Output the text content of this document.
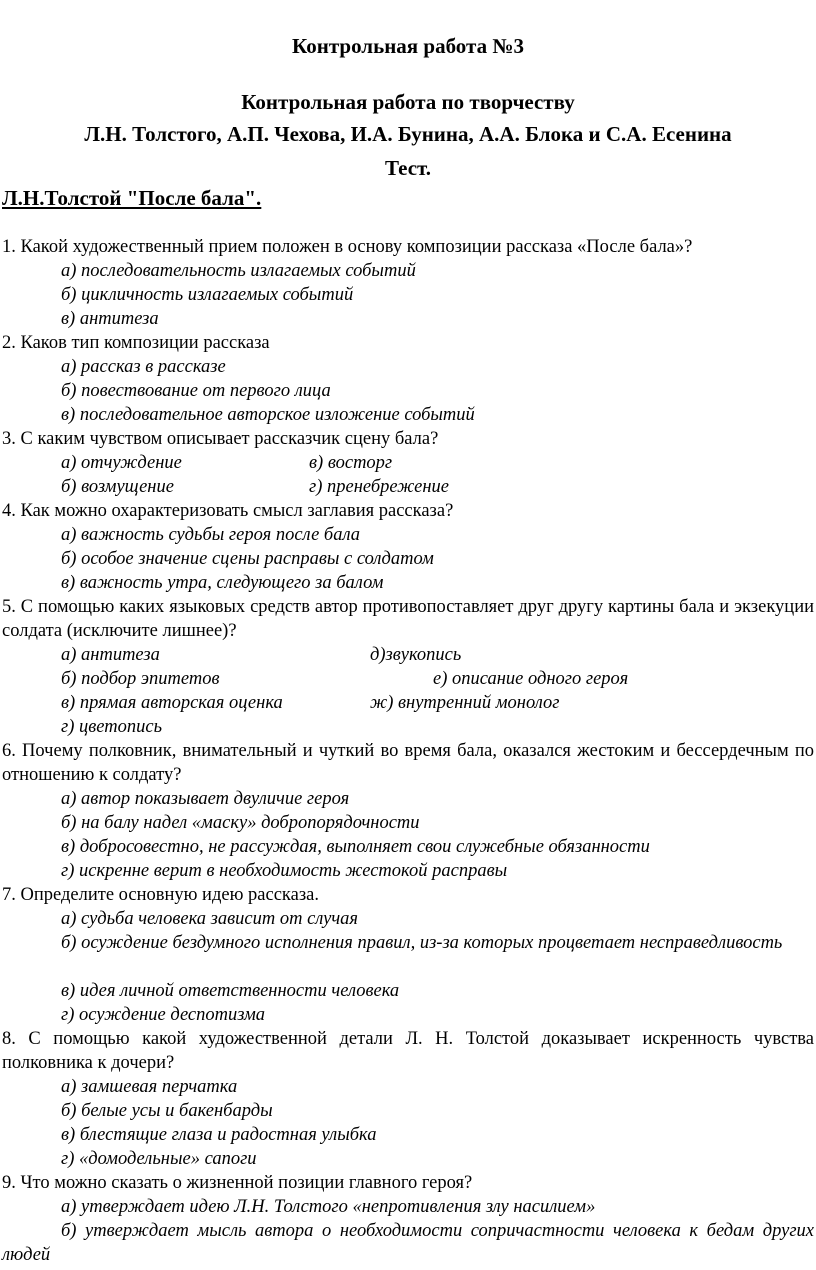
Контрольная работа №3
Контрольная работа по творчеству
Л.Н. Толстого, А.П. Чехова, И.А. Бунина, А.А. Блока и С.А. Есенина
Тест.
Л.Н.Толстой "После бала".
1. Какой художественный прием положен в основу композиции рассказа «После бала»?
а) последовательность излагаемых событий
б) цикличность излагаемых событий
в) антитеза
2. Каков тип композиции рассказа
а) рассказ в рассказе
б) повествование от первого лица
в) последовательное авторское изложение событий
3. С каким чувством описывает рассказчик сцену бала?
а) отчуждение	в) восторг
б) возмущение	г) пренебрежение
4. Как можно охарактеризовать смысл заглавия рассказа?
а) важность судьбы героя после бала
б) особое значение сцены расправы с солдатом
в) важность утра, следующего за балом
5. С помощью каких языковых средств автор противопоставляет друг другу картины бала и экзекуции солдата (исключите лишнее)?
а) антитеза	д)звукопись
б) подбор эпитетов	е) описание одного героя
в) прямая авторская оценка	ж) внутренний монолог
г) цветопись
6. Почему полковник, внимательный и чуткий во время бала, оказался жестоким и бессердечным по отношению к солдату?
а) автор показывает двуличие героя
б) на балу надел «маску» добропорядочности
в) добросовестно, не рассуждая, выполняет свои служебные обязанности
г) искренне верит в необходимость жестокой расправы
7. Определите основную идею рассказа.
а) судьба человека зависит от случая
б) осуждение бездумного исполнения правил, из-за которых процветает несправедливость
в) идея личной ответственности человека
г) осуждение деспотизма
8. С помощью какой художественной детали Л. Н. Толстой доказывает искренность чувства полковника к дочери?
а) замшевая перчатка
б) белые усы и бакенбарды
в) блестящие глаза и радостная улыбка
г) «домодельные» сапоги
9. Что можно сказать о жизненной позиции главного героя?
а) утверждает идею Л.Н. Толстого «непротивления злу насилием»
б) утверждает мысль автора о необходимости сопричастности человека к бедам других людей
